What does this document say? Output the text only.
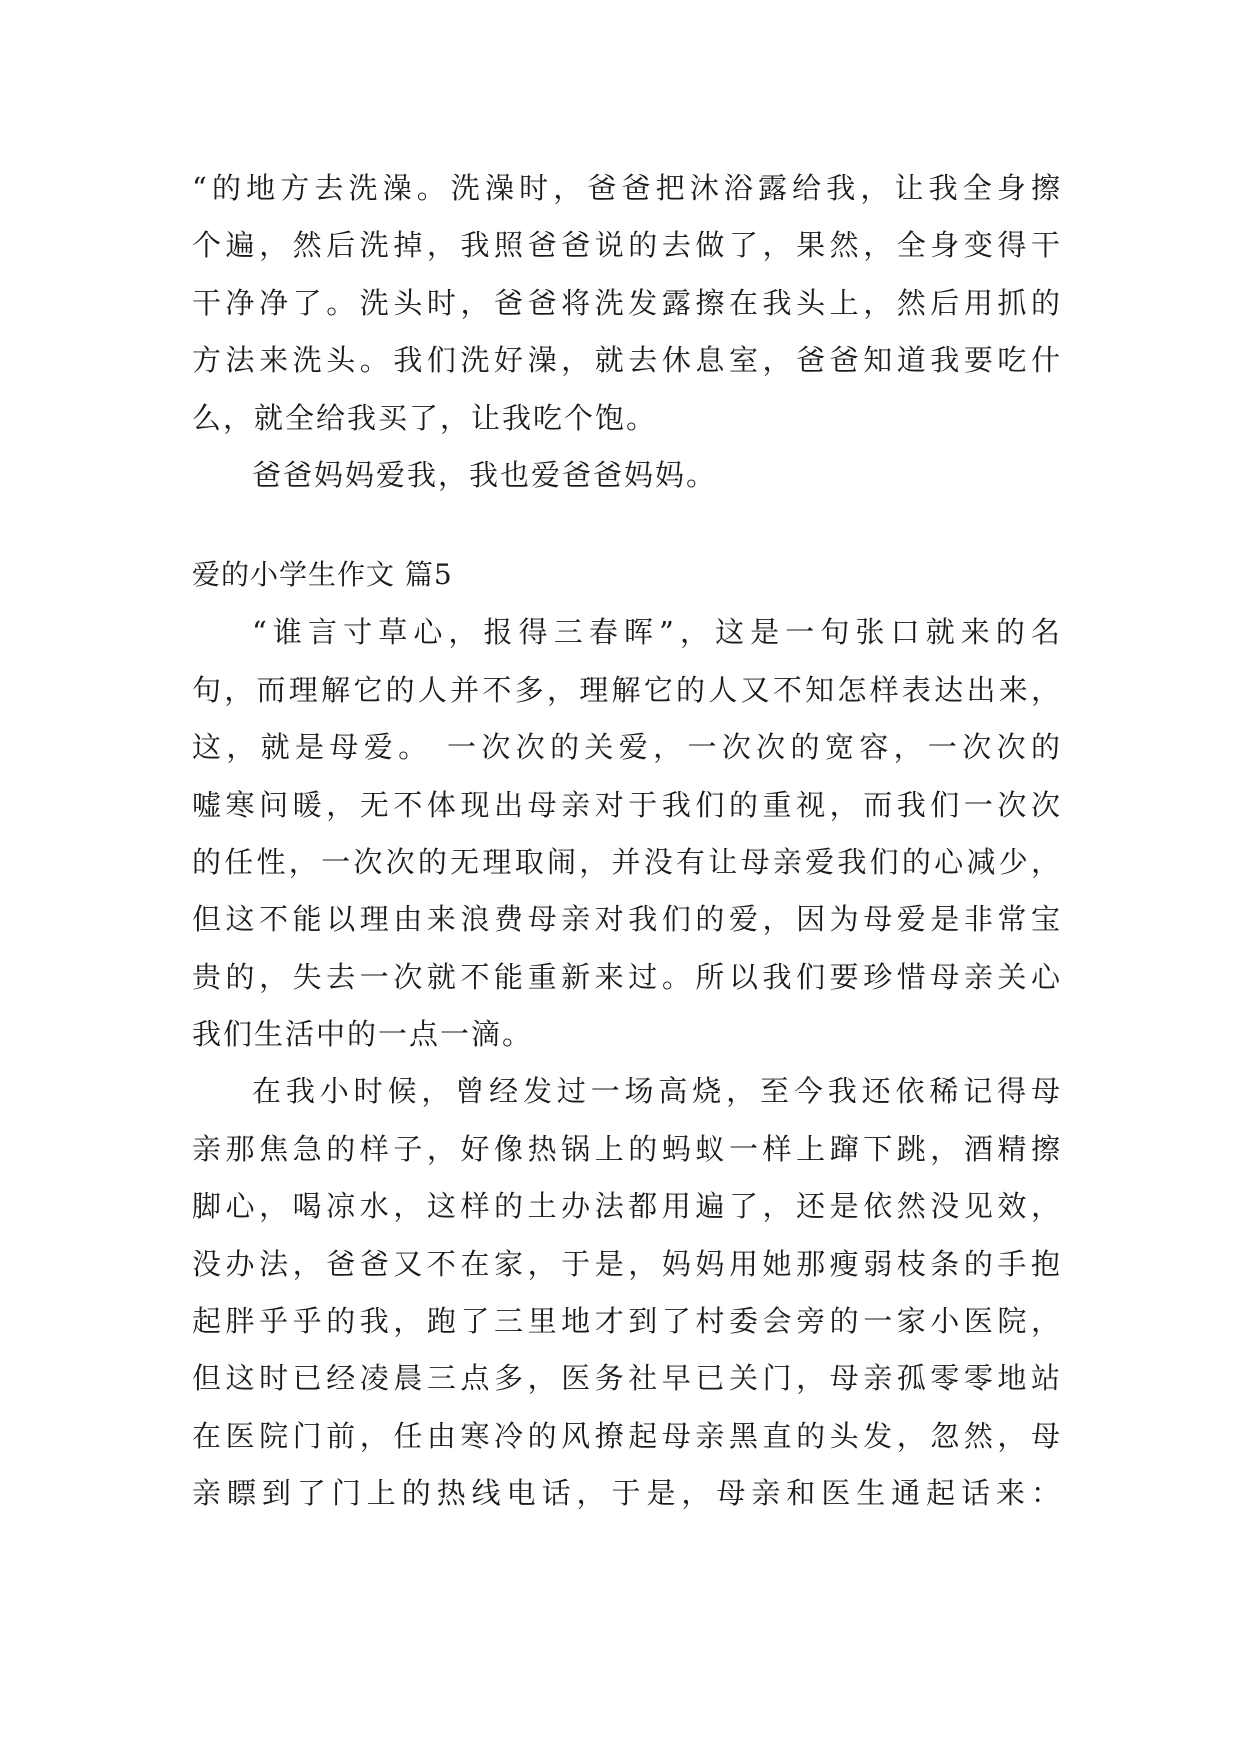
“的地方去洗澡。洗澡时，爸爸把沐浴露给我，让我全身擦
个遍，然后洗掉，我照爸爸说的去做了，果然，全身变得干
干净净了。洗头时，爸爸将洗发露擦在我头上，然后用抓的
方法来洗头。我们洗好澡，就去休息室，爸爸知道我要吃什
么，就全给我买了，让我吃个饱。
爸爸妈妈爱我，我也爱爸爸妈妈。
爱的小学生作文 篇5
“谁言寸草心，报得三春晖”，这是一句张口就来的名
句，而理解它的人并不多，理解它的人又不知怎样表达出来，
这，就是母爱。 一次次的关爱，一次次的宽容，一次次的
嘘寒问暖，无不体现出母亲对于我们的重视，而我们一次次
的任性，一次次的无理取闹，并没有让母亲爱我们的心减少，
但这不能以理由来浪费母亲对我们的爱，因为母爱是非常宝
贵的，失去一次就不能重新来过。所以我们要珍惜母亲关心
我们生活中的一点一滴。
在我小时候，曾经发过一场高烧，至今我还依稀记得母
亲那焦急的样子，好像热锅上的蚂蚁一样上蹿下跳，酒精擦
脚心，喝凉水，这样的土办法都用遍了，还是依然没见效，
没办法，爸爸又不在家，于是，妈妈用她那瘦弱枝条的手抱
起胖乎乎的我，跑了三里地才到了村委会旁的一家小医院，
但这时已经凌晨三点多，医务社早已关门，母亲孤零零地站
在医院门前，任由寒冷的风撩起母亲黑直的头发，忽然，母
亲瞟到了门上的热线电话，于是，母亲和医生通起话来：
